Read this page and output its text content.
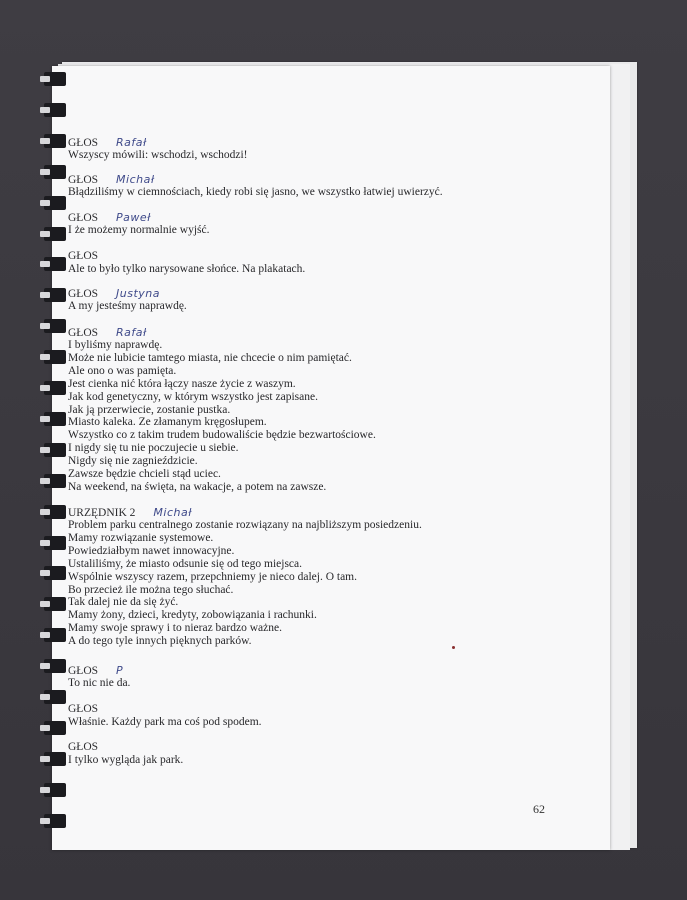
GŁOS Rafał
Wszyscy mówili: wschodzi, wschodzi!
GŁOS Michał
Błądziliśmy w ciemnościach, kiedy robi się jasno, we wszystko łatwiej uwierzyć.
GŁOS Paweł
I że możemy normalnie wyjść.
GŁOS
Ale to było tylko narysowane słońce. Na plakatach.
GŁOS Justyna
A my jesteśmy naprawdę.
GŁOS Rafał
I byliśmy naprawdę.
Może nie lubicie tamtego miasta, nie chcecie o nim pamiętać.
Ale ono o was pamięta.
Jest cienka nić która łączy nasze życie z waszym.
Jak kod genetyczny, w którym wszystko jest zapisane.
Jak ją przerwiecie, zostanie pustka.
Miasto kaleka. Ze złamanym kręgosłupem.
Wszystko co z takim trudem budowaliście będzie bezwartościowe.
I nigdy się tu nie poczujecie u siebie.
Nigdy się nie zagnieździcie.
Zawsze będzie chcieli stąd uciec.
Na weekend, na święta, na wakacje, a potem na zawsze.
URZĘDNIK 2 Michał
Problem parku centralnego zostanie rozwiązany na najbliższym posiedzeniu.
Mamy rozwiązanie systemowe.
Powiedziałbym nawet innowacyjne.
Ustaliliśmy, że miasto odsunie się od tego miejsca.
Wspólnie wszyscy razem, przepchniemy je nieco dalej. O tam.
Bo przecież ile można tego słuchać.
Tak dalej nie da się żyć.
Mamy żony, dzieci, kredyty, zobowiązania i rachunki.
Mamy swoje sprawy i to nieraz bardzo ważne.
A do tego tyle innych pięknych parków.
GŁOS P
To nic nie da.
GŁOS
Właśnie. Każdy park ma coś pod spodem.
GŁOS
I tylko wygląda jak park.
62
